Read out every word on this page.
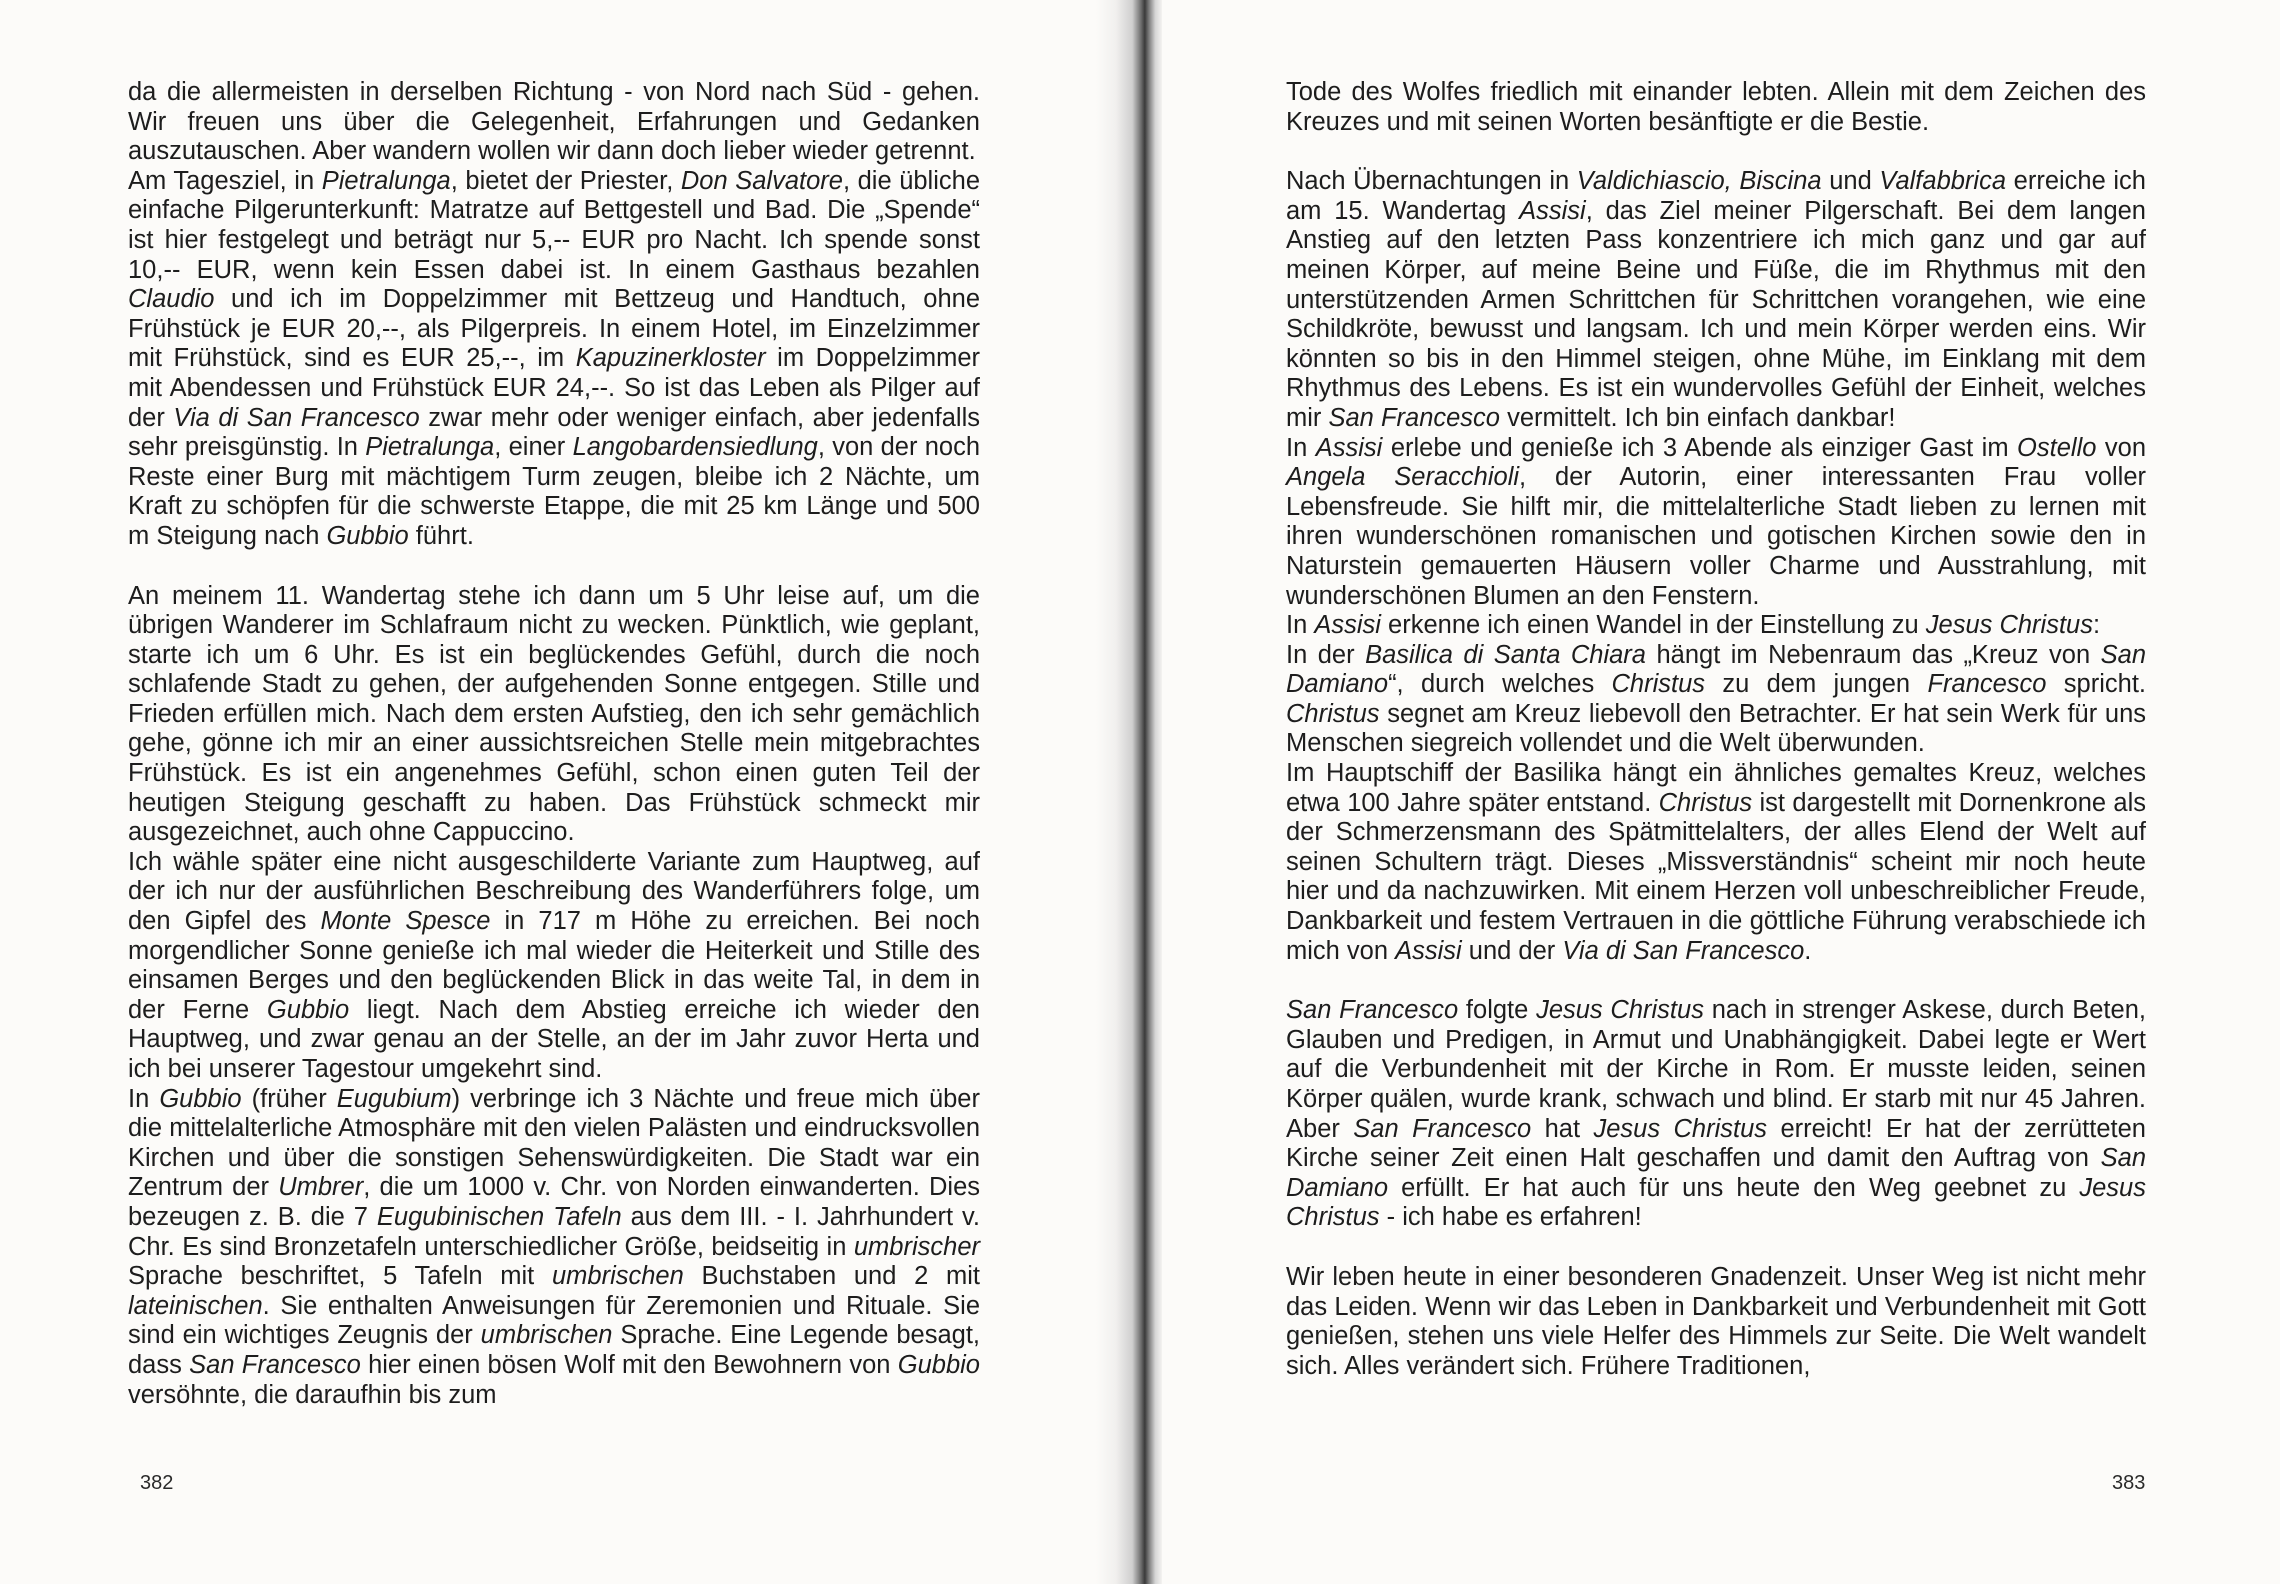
da die allermeisten in derselben Richtung - von Nord nach Süd - gehen. Wir freuen uns über die Gelegenheit, Erfahrungen und Gedanken auszutauschen. Aber wandern wollen wir dann doch lieber wieder getrennt.

Am Tagesziel, in Pietralunga, bietet der Priester, Don Salvatore, die übliche einfache Pilgerunterkunft: Matratze auf Bettgestell und Bad. Die „Spende“ ist hier festgelegt und beträgt nur 5,-- EUR pro Nacht. Ich spende sonst 10,-- EUR, wenn kein Essen dabei ist. In einem Gasthaus bezahlen Claudio und ich im Doppelzimmer mit Bettzeug und Handtuch, ohne Frühstück je EUR 20,--, als Pilgerpreis. In einem Hotel, im Einzelzimmer mit Frühstück, sind es EUR 25,--, im Kapuzinerkloster im Doppelzimmer mit Abendessen und Frühstück EUR 24,--. So ist das Leben als Pilger auf der Via di San Francesco zwar mehr oder weniger einfach, aber jedenfalls sehr preisgünstig. In Pietralunga, einer Langobardensiedlung, von der noch Reste einer Burg mit mächtigem Turm zeugen, bleibe ich 2 Nächte, um Kraft zu schöpfen für die schwerste Etappe, die mit 25 km Länge und 500 m Steigung nach Gubbio führt.

An meinem 11. Wandertag stehe ich dann um 5 Uhr leise auf, um die übrigen Wanderer im Schlafraum nicht zu wecken. Pünktlich, wie geplant, starte ich um 6 Uhr. Es ist ein beglückendes Gefühl, durch die noch schlafende Stadt zu gehen, der aufgehenden Sonne entgegen. Stille und Frieden erfüllen mich. Nach dem ersten Aufstieg, den ich sehr gemächlich gehe, gönne ich mir an einer aussichtsreichen Stelle mein mitgebrachtes Frühstück. Es ist ein angenehmes Gefühl, schon einen guten Teil der heutigen Steigung geschafft zu haben. Das Frühstück schmeckt mir ausgezeichnet, auch ohne Cappuccino.

Ich wähle später eine nicht ausgeschilderte Variante zum Hauptweg, auf der ich nur der ausführlichen Beschreibung des Wanderführers folge, um den Gipfel des Monte Spesce in 717 m Höhe zu erreichen. Bei noch morgendlicher Sonne genieße ich mal wieder die Heiterkeit und Stille des einsamen Berges und den beglückenden Blick in das weite Tal, in dem in der Ferne Gubbio liegt. Nach dem Abstieg erreiche ich wieder den Hauptweg, und zwar genau an der Stelle, an der im Jahr zuvor Herta und ich bei unserer Tagestour umgekehrt sind.

In Gubbio (früher Eugubium) verbringe ich 3 Nächte und freue mich über die mittelalterliche Atmosphäre mit den vielen Palästen und eindrucksvollen Kirchen und über die sonstigen Sehenswürdigkeiten. Die Stadt war ein Zentrum der Umbrer, die um 1000 v. Chr. von Norden einwanderten. Dies bezeugen z. B. die 7 Eugubinischen Tafeln aus dem III. - I. Jahrhundert v. Chr. Es sind Bronzetafeln unterschiedlicher Größe, beidseitig in umbrischer Sprache beschriftet, 5 Tafeln mit umbrischen Buchstaben und 2 mit lateinischen. Sie enthalten Anweisungen für Zeremonien und Rituale. Sie sind ein wichtiges Zeugnis der umbrischen Sprache. Eine Legende besagt, dass San Francesco hier einen bösen Wolf mit den Bewohnern von Gubbio versöhnte, die daraufhin bis zum

382

Tode des Wolfes friedlich mit einander lebten. Allein mit dem Zeichen des Kreuzes und mit seinen Worten besänftigte er die Bestie.

Nach Übernachtungen in Valdichiascio, Biscina und Valfabbrica erreiche ich am 15. Wandertag Assisi, das Ziel meiner Pilgerschaft. Bei dem langen Anstieg auf den letzten Pass konzentriere ich mich ganz und gar auf meinen Körper, auf meine Beine und Füße, die im Rhythmus mit den unterstützenden Armen Schrittchen für Schrittchen vorangehen, wie eine Schildkröte, bewusst und langsam. Ich und mein Körper werden eins. Wir könnten so bis in den Himmel steigen, ohne Mühe, im Einklang mit dem Rhythmus des Lebens. Es ist ein wundervolles Gefühl der Einheit, welches mir San Francesco vermittelt. Ich bin einfach dankbar!

In Assisi erlebe und genieße ich 3 Abende als einziger Gast im Ostello von Angela Seracchioli, der Autorin, einer interessanten Frau voller Lebensfreude. Sie hilft mir, die mittelalterliche Stadt lieben zu lernen mit ihren wunderschönen romanischen und gotischen Kirchen sowie den in Naturstein gemauerten Häusern voller Charme und Ausstrahlung, mit wunderschönen Blumen an den Fenstern.

In Assisi erkenne ich einen Wandel in der Einstellung zu Jesus Christus:

In der Basilica di Santa Chiara hängt im Nebenraum das „Kreuz von San Damiano“, durch welches Christus zu dem jungen Francesco spricht. Christus segnet am Kreuz liebevoll den Betrachter. Er hat sein Werk für uns Menschen siegreich vollendet und die Welt überwunden.

Im Hauptschiff der Basilika hängt ein ähnliches gemaltes Kreuz, welches etwa 100 Jahre später entstand. Christus ist dargestellt mit Dornenkrone als der Schmerzensmann des Spätmittelalters, der alles Elend der Welt auf seinen Schultern trägt. Dieses „Missverständnis“ scheint mir noch heute hier und da nachzuwirken. Mit einem Herzen voll unbeschreiblicher Freude, Dankbarkeit und festem Vertrauen in die göttliche Führung verabschiede ich mich von Assisi und der Via di San Francesco.

San Francesco folgte Jesus Christus nach in strenger Askese, durch Beten, Glauben und Predigen, in Armut und Unabhängigkeit. Dabei legte er Wert auf die Verbundenheit mit der Kirche in Rom. Er musste leiden, seinen Körper quälen, wurde krank, schwach und blind. Er starb mit nur 45 Jahren. Aber San Francesco hat Jesus Christus erreicht! Er hat der zerrütteten Kirche seiner Zeit einen Halt geschaffen und damit den Auftrag von San Damiano erfüllt. Er hat auch für uns heute den Weg geebnet zu Jesus Christus - ich habe es erfahren!

Wir leben heute in einer besonderen Gnadenzeit. Unser Weg ist nicht mehr das Leiden. Wenn wir das Leben in Dankbarkeit und Verbundenheit mit Gott genießen, stehen uns viele Helfer des Himmels zur Seite. Die Welt wandelt sich. Alles verändert sich. Frühere Traditionen,

383
